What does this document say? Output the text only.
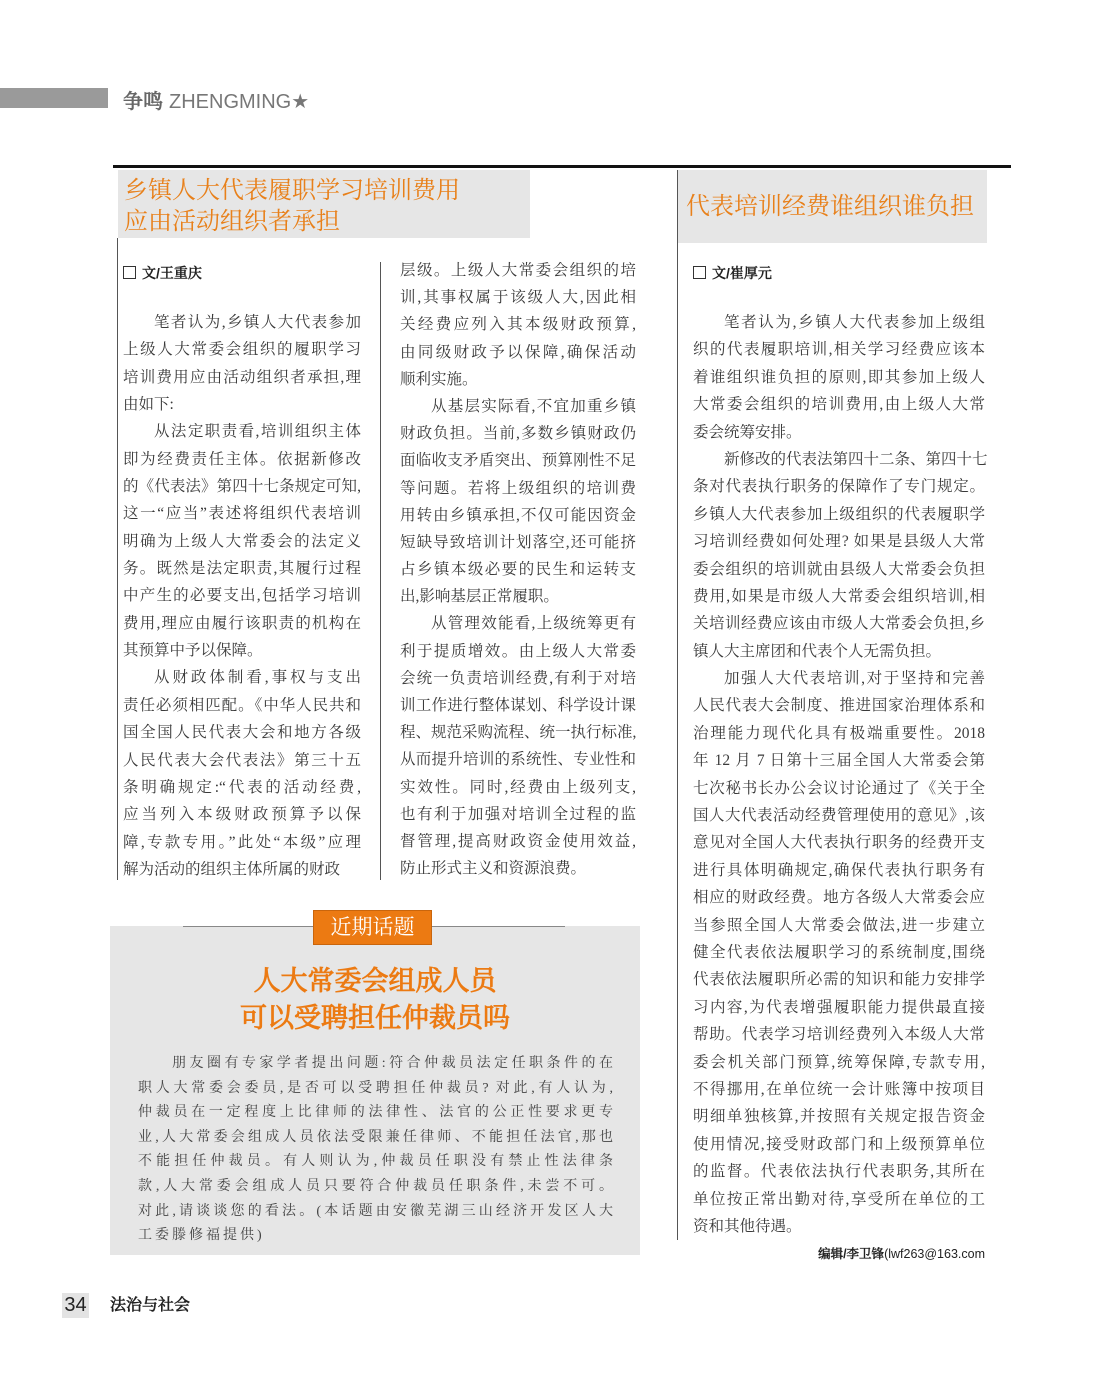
争鸣 ZHENGMING★
乡镇人大代表履职学习培训费用
应由活动组织者承担
代表培训经费谁组织谁负担
文/王重庆	文/崔厚元
笔者认为,乡镇人大代表参加
上级人大常委会组织的履职学习
培训费用应由活动组织者承担,理
由如下:
从法定职责看,培训组织主体
即为经费责任主体。依据新修改
的《代表法》第四十七条规定可知,
这一“应当”表述将组织代表培训
明确为上级人大常委会的法定义
务。既然是法定职责,其履行过程
中产生的必要支出,包括学习培训
费用,理应由履行该职责的机构在
其预算中予以保障。
从财政体制看,事权与支出
责任必须相匹配。《中华人民共和
国全国人民代表大会和地方各级
人民代表大会代表法》第三十五
条明确规定:“代表的活动经费,
应当列入本级财政预算予以保
障,专款专用。”此处“本级”应理
解为活动的组织主体所属的财政
层级。上级人大常委会组织的培
训,其事权属于该级人大,因此相
关经费应列入其本级财政预算,
由同级财政予以保障,确保活动
顺利实施。
从基层实际看,不宜加重乡镇
财政负担。当前,多数乡镇财政仍
面临收支矛盾突出、预算刚性不足
等问题。若将上级组织的培训费
用转由乡镇承担,不仅可能因资金
短缺导致培训计划落空,还可能挤
占乡镇本级必要的民生和运转支
出,影响基层正常履职。
从管理效能看,上级统筹更有
利于提质增效。由上级人大常委
会统一负责培训经费,有利于对培
训工作进行整体谋划、科学设计课
程、规范采购流程、统一执行标准,
从而提升培训的系统性、专业性和
实效性。同时,经费由上级列支,
也有利于加强对培训全过程的监
督管理,提高财政资金使用效益,
防止形式主义和资源浪费。
笔者认为,乡镇人大代表参加上级组
织的代表履职培训,相关学习经费应该本
着谁组织谁负担的原则,即其参加上级人
大常委会组织的培训费用,由上级人大常
委会统筹安排。
新修改的代表法第四十二条、第四十七
条对代表执行职务的保障作了专门规定。
乡镇人大代表参加上级组织的代表履职学
习培训经费如何处理? 如果是县级人大常
委会组织的培训就由县级人大常委会负担
费用,如果是市级人大常委会组织培训,相
关培训经费应该由市级人大常委会负担,乡
镇人大主席团和代表个人无需负担。
加强人大代表培训,对于坚持和完善
人民代表大会制度、推进国家治理体系和
治理能力现代化具有极端重要性。2018
年 12 月 7 日第十三届全国人大常委会第
七次秘书长办公会议讨论通过了《关于全
国人大代表活动经费管理使用的意见》,该
意见对全国人大代表执行职务的经费开支
进行具体明确规定,确保代表执行职务有
相应的财政经费。地方各级人大常委会应
当参照全国人大常委会做法,进一步建立
健全代表依法履职学习的系统制度,围绕
代表依法履职所必需的知识和能力安排学
习内容,为代表增强履职能力提供最直接
帮助。代表学习培训经费列入本级人大常
委会机关部门预算,统筹保障,专款专用,
不得挪用,在单位统一会计账簿中按项目
明细单独核算,并按照有关规定报告资金
使用情况,接受财政部门和上级预算单位
的监督。代表依法执行代表职务,其所在
单位按正常出勤对待,享受所在单位的工
资和其他待遇。
编辑/李卫锋(lwf263@163.com
近期话题
人大常委会组成人员
可以受聘担任仲裁员吗
朋友圈有专家学者提出问题:符合仲裁员法定任职条件的在
职人大常委会委员,是否可以受聘担任仲裁员? 对此,有人认为,
仲裁员在一定程度上比律师的法律性、法官的公正性要求更专
业,人大常委会组成人员依法受限兼任律师、不能担任法官,那也
不能担任仲裁员。有人则认为,仲裁员任职没有禁止性法律条
款,人大常委会组成人员只要符合仲裁员任职条件,未尝不可。
对此,请谈谈您的看法。(本话题由安徽芜湖三山经济开发区人大
工委滕修福提供)
34 法治与社会
